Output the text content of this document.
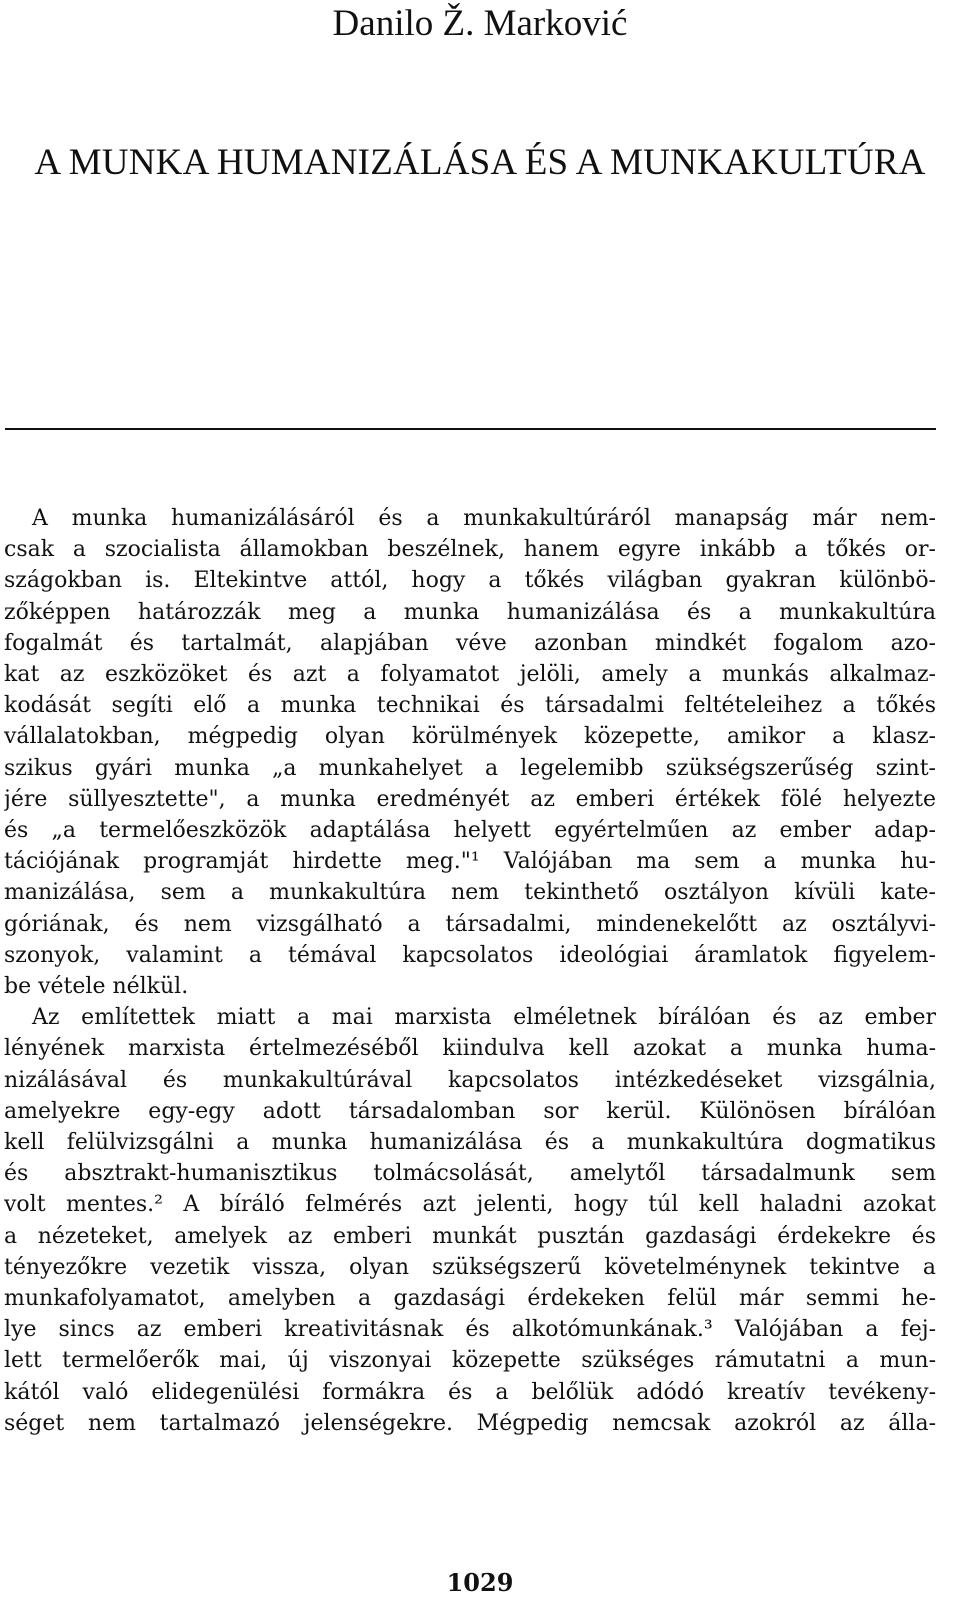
Danilo Ž. Marković
A MUNKA HUMANIZÁLÁSA ÉS A MUNKAKULTÚRA
A munka humanizálásáról és a munkakultúráról manapság már nem-
csak a szocialista államokban beszélnek, hanem egyre inkább a tőkés or-
szágokban is. Eltekintve attól, hogy a tőkés világban gyakran különbö-
zőképpen határozzák meg a munka humanizálása és a munkakultúra
fogalmát és tartalmát, alapjában véve azonban mindkét fogalom azo-
kat az eszközöket és azt a folyamatot jelöli, amely a munkás alkalmaz-
kodását segíti elő a munka technikai és társadalmi feltételeihez a tőkés
vállalatokban, mégpedig olyan körülmények közepette, amikor a klasz-
szikus gyári munka „a munkahelyet a legelemibb szükségszerűség szint-
jére süllyesztette", a munka eredményét az emberi értékek fölé helyezte
és „a termelőeszközök adaptálása helyett egyértelműen az ember adap-
tációjának programját hirdette meg."¹ Valójában ma sem a munka hu-
manizálása, sem a munkakultúra nem tekinthető osztályon kívüli kate-
góriának, és nem vizsgálható a társadalmi, mindenekelőtt az osztályvi-
szonyok, valamint a témával kapcsolatos ideológiai áramlatok figyelem-
be vétele nélkül.
Az említettek miatt a mai marxista elméletnek bírálóan és az ember
lényének marxista értelmezéséből kiindulva kell azokat a munka huma-
nizálásával és munkakultúrával kapcsolatos intézkedéseket vizsgálnia,
amelyekre egy-egy adott társadalomban sor kerül. Különösen bírálóan
kell felülvizsgálni a munka humanizálása és a munkakultúra dogmatikus
és absztrakt-humanisztikus tolmácsolását, amelytől társadalmunk sem
volt mentes.² A bíráló felmérés azt jelenti, hogy túl kell haladni azokat
a nézeteket, amelyek az emberi munkát pusztán gazdasági érdekekre és
tényezőkre vezetik vissza, olyan szükségszerű követelménynek tekintve a
munkafolyamatot, amelyben a gazdasági érdekeken felül már semmi he-
lye sincs az emberi kreativitásnak és alkotómunkának.³ Valójában a fej-
lett termelőerők mai, új viszonyai közepette szükséges rámutatni a mun-
kától való elidegenülési formákra és a belőlük adódó kreatív tevékeny-
séget nem tartalmazó jelenségekre. Mégpedig nemcsak azokról az álla-
1029
